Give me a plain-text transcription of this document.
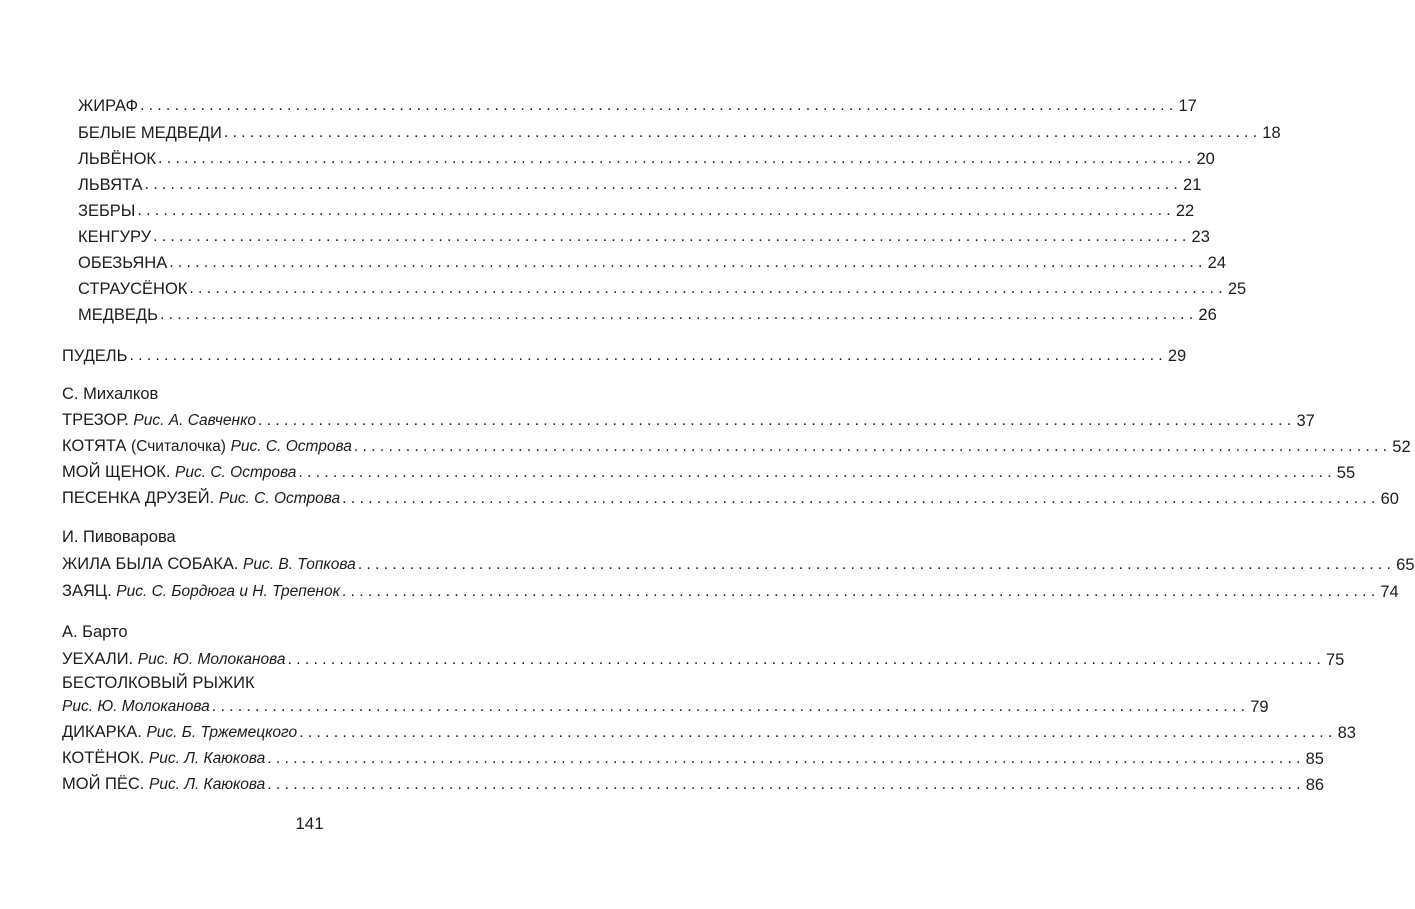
ЖИРАФ ........................................................................................................................ 17
БЕЛЫЕ МЕДВЕДИ ........................................................................................................................ 18
ЛЬВЁНОК ........................................................................................................................ 20
ЛЬВЯТА ........................................................................................................................ 21
ЗЕБРЫ ........................................................................................................................ 22
КЕНГУРУ ........................................................................................................................ 23
ОБЕЗЬЯНА ........................................................................................................................ 24
СТРАУСЁНОК ........................................................................................................................ 25
МЕДВЕДЬ ........................................................................................................................ 26
ПУДЕЛЬ ........................................................................................................................ 29
С. Михалков
ТРЕЗОР. Рис. А. Савченко ........................................................................................................................ 37
КОТЯТА (Считалочка) Рис. С. Острова ........................................................................................................................ 52
МОЙ ЩЕНОК. Рис. С. Острова ........................................................................................................................ 55
ПЕСЕНКА ДРУЗЕЙ. Рис. С. Острова ........................................................................................................................ 60
И. Пивоварова
ЖИЛА БЫЛА СОБАКА. Рис. В. Топкова ........................................................................................................................ 65
ЗАЯЦ. Рис. С. Бордюга и Н. Трепенок ........................................................................................................................ 74
А. Барто
УЕХАЛИ. Рис. Ю. Молоканова ........................................................................................................................ 75
БЕСТОЛКОВЫЙ РЫЖИК
Рис. Ю. Молоканова ........................................................................................................................ 79
ДИКАРКА. Рис. Б. Тржемецкого ........................................................................................................................ 83
КОТЁНОК. Рис. Л. Каюкова ........................................................................................................................ 85
МОЙ ПЁС. Рис. Л. Каюкова ........................................................................................................................ 86
141
